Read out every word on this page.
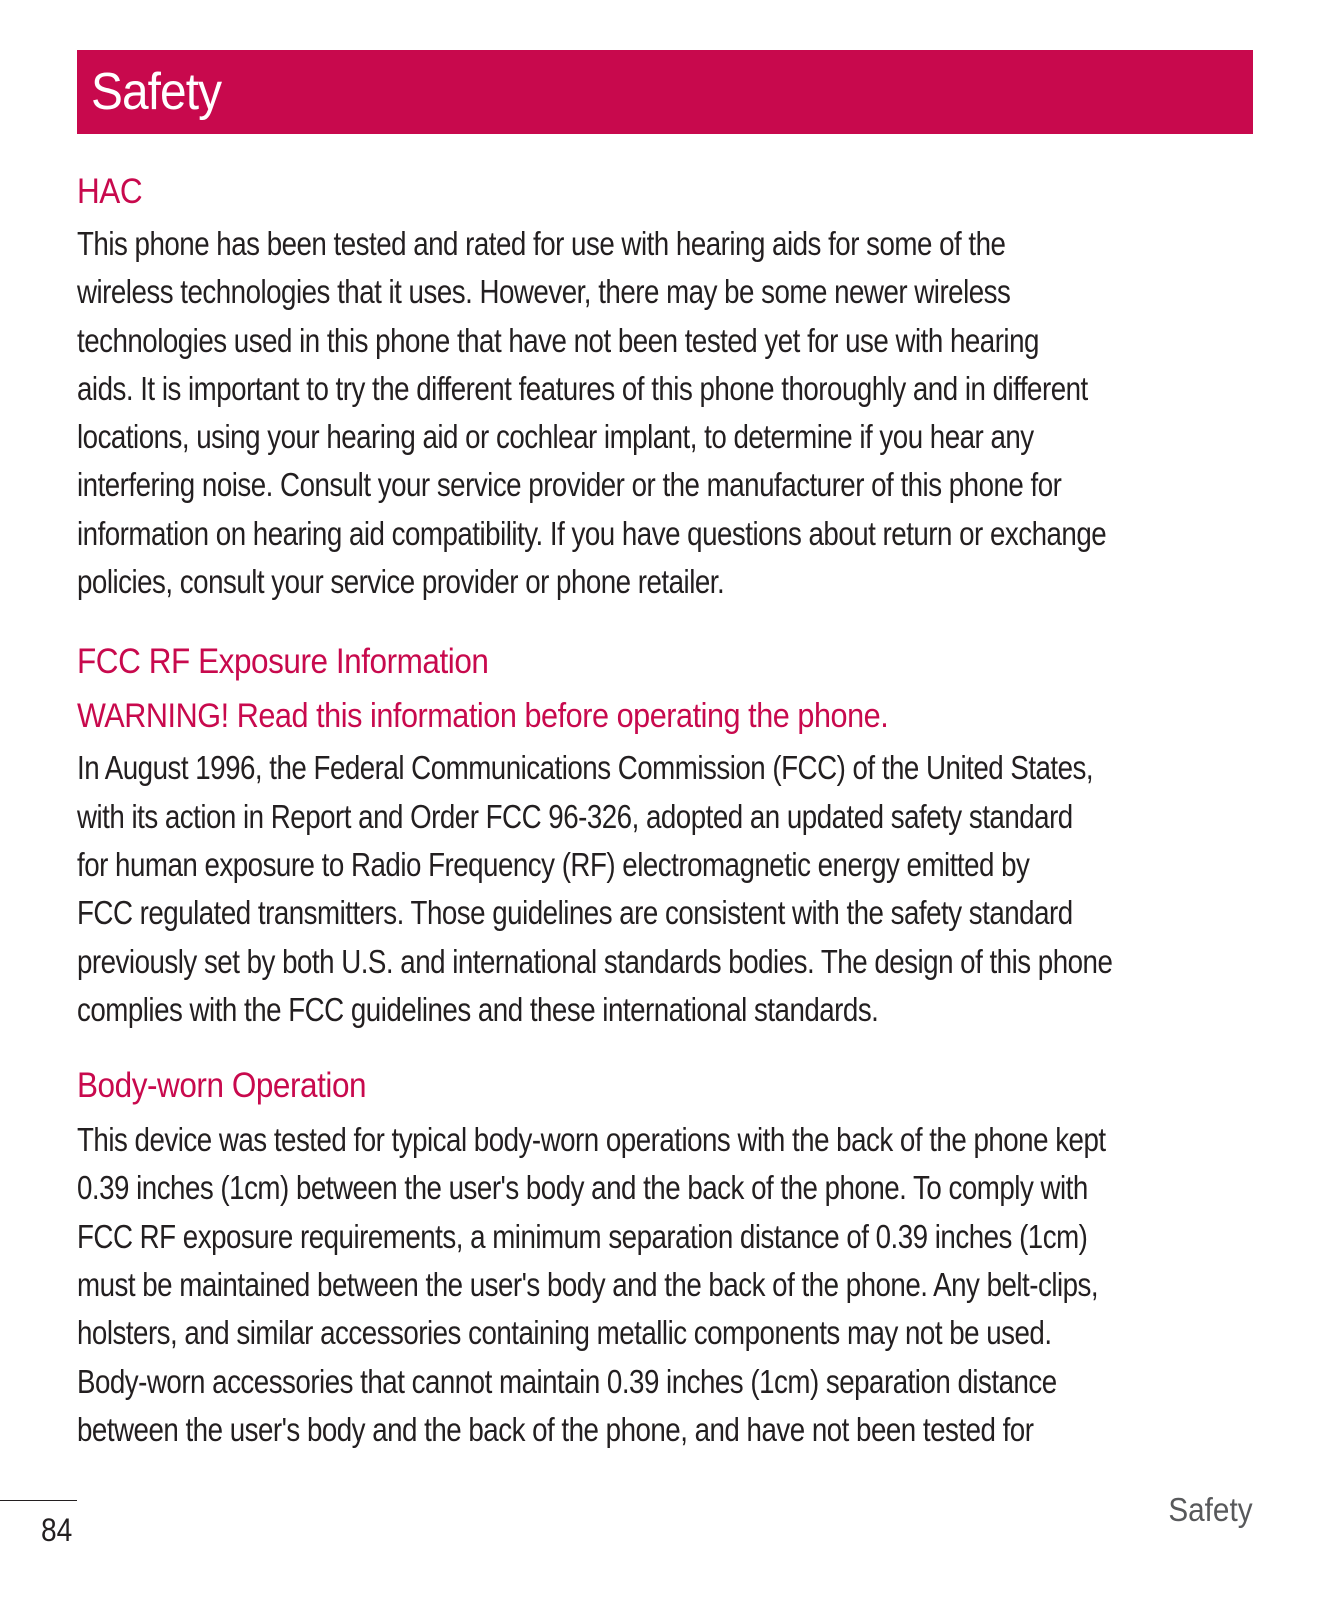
Safety
HAC

This phone has been tested and rated for use with hearing aids for some of the
wireless technologies that it uses. However, there may be some newer wireless
technologies used in this phone that have not been tested yet for use with hearing
aids. It is important to try the different features of this phone thoroughly and in different
locations, using your hearing aid or cochlear implant, to determine if you hear any
interfering noise. Consult your service provider or the manufacturer of this phone for
information on hearing aid compatibility. If you have questions about return or exchange
policies, consult your service provider or phone retailer.

FCC RF Exposure Information
WARNING! Read this information before operating the phone.

In August 1996, the Federal Communications Commission (FCC) of the United States,
with its action in Report and Order FCC 96-326, adopted an updated safety standard
for human exposure to Radio Frequency (RF) electromagnetic energy emitted by
FCC regulated transmitters. Those guidelines are consistent with the safety standard
previously set by both U.S. and international standards bodies. The design of this phone
complies with the FCC guidelines and these international standards.

Body-worn Operation

This device was tested for typical body-worn operations with the back of the phone kept
0.39 inches (1cm) between the user's body and the back of the phone. To comply with
FCC RF exposure requirements, a minimum separation distance of 0.39 inches (1cm)
must be maintained between the user's body and the back of the phone. Any belt-clips,
holsters, and similar accessories containing metallic components may not be used.
Body-worn accessories that cannot maintain 0.39 inches (1cm) separation distance
between the user's body and the back of the phone, and have not been tested for

84
Safety
